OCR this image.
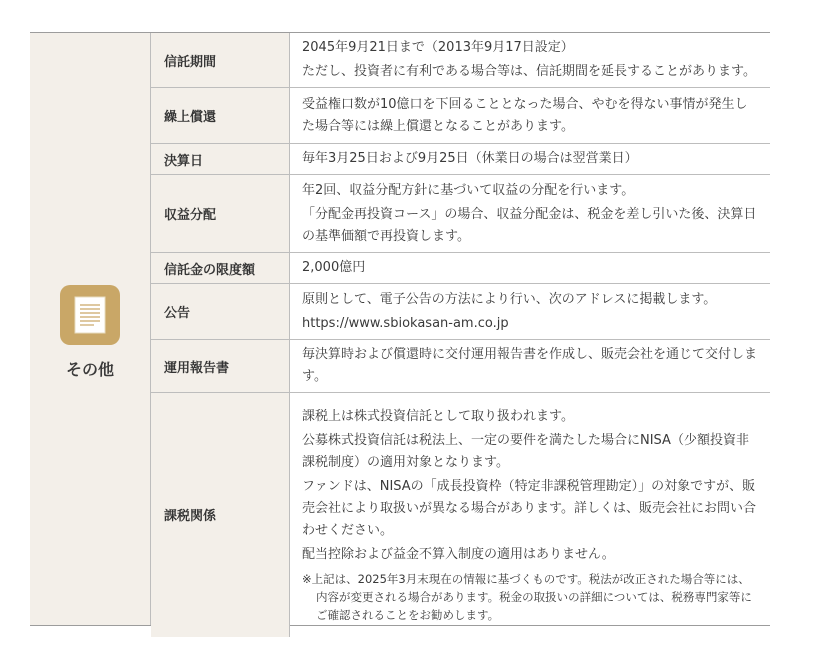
その他
信託期間	2045年9月21日まで（2013年9月17日設定）

ただし、投資者に有利である場合等は、信託期間を延長することがあります。

繰上償還	受益権口数が10億口を下回ることとなった場合、やむを得ない事情が発生した場合等には繰上償還となることがあります。

決算日	毎年3月25日および9月25日（休業日の場合は翌営業日）

収益分配	年2回、収益分配方針に基づいて収益の分配を行います。

「分配金再投資コース」の場合、収益分配金は、税金を差し引いた後、決算日の基準価額で再投資します。

信託金の限度額	2,000億円

公告	原則として、電子公告の方法により行い、次のアドレスに掲載します。

https://www.sbiokasan-am.co.jp

運用報告書	毎決算時および償還時に交付運用報告書を作成し、販売会社を通じて交付します。

課税関係	課税上は株式投資信託として取り扱われます。

公募株式投資信託は税法上、一定の要件を満たした場合にNISA（少額投資非課税制度）の適用対象となります。

ファンドは、NISAの「成長投資枠（特定非課税管理勘定）」の対象ですが、販売会社により取扱いが異なる場合があります。詳しくは、販売会社にお問い合わせください。

配当控除および益金不算入制度の適用はありません。

※上記は、2025年3月末現在の情報に基づくものです。税法が改正された場合等には、内容が変更される場合があります。税金の取扱いの詳細については、税務専門家等にご確認されることをお勧めします。
